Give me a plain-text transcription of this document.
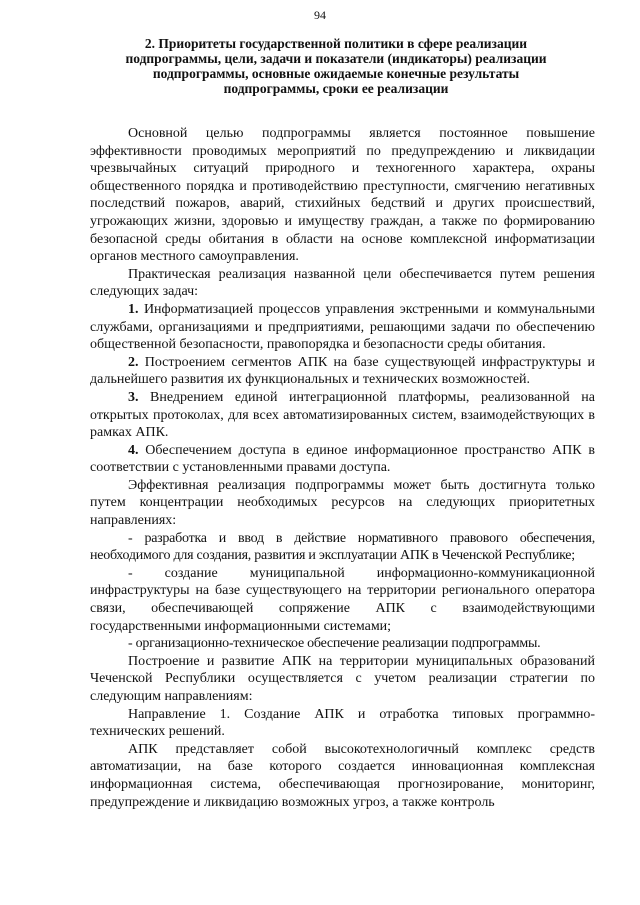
94
2. Приоритеты государственной политики в сфере реализации
подпрограммы, цели, задачи и показатели (индикаторы) реализации
подпрограммы, основные ожидаемые конечные результаты
подпрограммы, сроки ее реализации

Основной целью подпрограммы является постоянное повышение эффективности проводимых мероприятий по предупреждению и ликвидации чрезвычайных ситуаций природного и техногенного характера, охраны общественного порядка и противодействию преступности, смягчению негативных последствий пожаров, аварий, стихийных бедствий и других происшествий, угрожающих жизни, здоровью и имуществу граждан, а также по формированию безопасной среды обитания в области на основе комплексной информатизации органов местного самоуправления.

Практическая реализация названной цели обеспечивается путем решения следующих задач:

1. Информатизацией процессов управления экстренными и коммунальными службами, организациями и предприятиями, решающими задачи по обеспечению общественной безопасности, правопорядка и безопасности среды обитания.

2. Построением сегментов АПК на базе существующей инфраструктуры и дальнейшего развития их функциональных и технических возможностей.

3. Внедрением единой интеграционной платформы, реализованной на открытых протоколах, для всех автоматизированных систем, взаимодействующих в рамках АПК.

4. Обеспечением доступа в единое информационное пространство АПК в соответствии с установленными правами доступа.

Эффективная реализация подпрограммы может быть достигнута только путем концентрации необходимых ресурсов на следующих приоритетных направлениях:

- разработка и ввод в действие нормативного правового обеспечения, необходимого для создания, развития и эксплуатации АПК в Чеченской Республике;

- создание муниципальной информационно-коммуникационной инфраструктуры на базе существующего на территории регионального оператора связи, обеспечивающей сопряжение АПК с взаимодействующими государственными информационными системами;

- организационно-техническое обеспечение реализации подпрограммы.

Построение и развитие АПК на территории муниципальных образований Чеченской Республики осуществляется с учетом реализации стратегии по следующим направлениям:

Направление 1. Создание АПК и отработка типовых программно-технических решений.

АПК представляет собой высокотехнологичный комплекс средств автоматизации, на базе которого создается инновационная комплексная информационная система, обеспечивающая прогнозирование, мониторинг, предупреждение и ликвидацию возможных угроз, а также контроль
